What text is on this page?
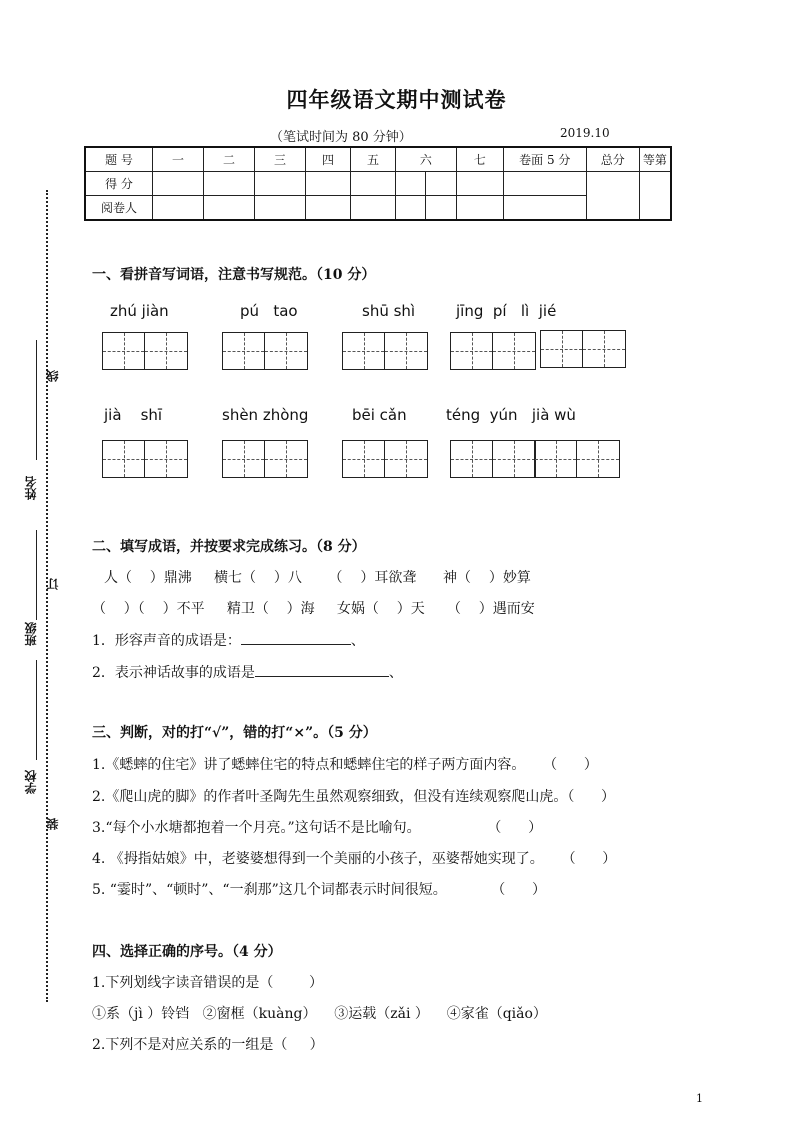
四年级语文期中测试卷
（笔试时间为 80 分钟）	2019.10
题 号	一	二	三	四	五	六		七	卷面 5 分	总分	等第
得 分											
阅卷人											
线
订
装
姓名
班级
学校
一、看拼音写词语，注意书写规范。（10 分）
zhú jiàn	pú   tao	shū shì	jīng  pí   lì  jié
jià    shī	shèn zhòng	bēi cǎn	téng  yún   jià wù
二、填写成语，并按要求完成练习。（8 分）
人（    ）鼎沸     横七（    ）八      （    ）耳欲聋      神（    ）妙算
（    ）（    ）不平     精卫（    ）海     女娲（    ）天     （    ）遇而安
1．形容声音的成语是：	、
2．表示神话故事的成语是	、
三、判断，对的打“√”，错的打“×”。（5 分）
1.《蟋蟀的住宅》讲了蟋蟀住宅的特点和蟋蟀住宅的样子两方面内容。    （      ）
2.《爬山虎的脚》的作者叶圣陶先生虽然观察细致，但没有连续观察爬山虎。（      ）
3.“每个小水塘都抱着一个月亮。”这句话不是比喻句。               （      ）
4. 《拇指姑娘》中，老婆婆想得到一个美丽的小孩子，巫婆帮她实现了。    （      ）
5. “霎时”、“顿时”、“一刹那”这几个词都表示时间很短。          （      ）
四、选择正确的序号。（4 分）
1.下列划线字读音错误的是（        ）
①系（jì ）铃铛   ②窗框（kuàng）    ③运载（zǎi ）    ④家雀（qiǎo）
2.下列不是对应关系的一组是（     ）
1
